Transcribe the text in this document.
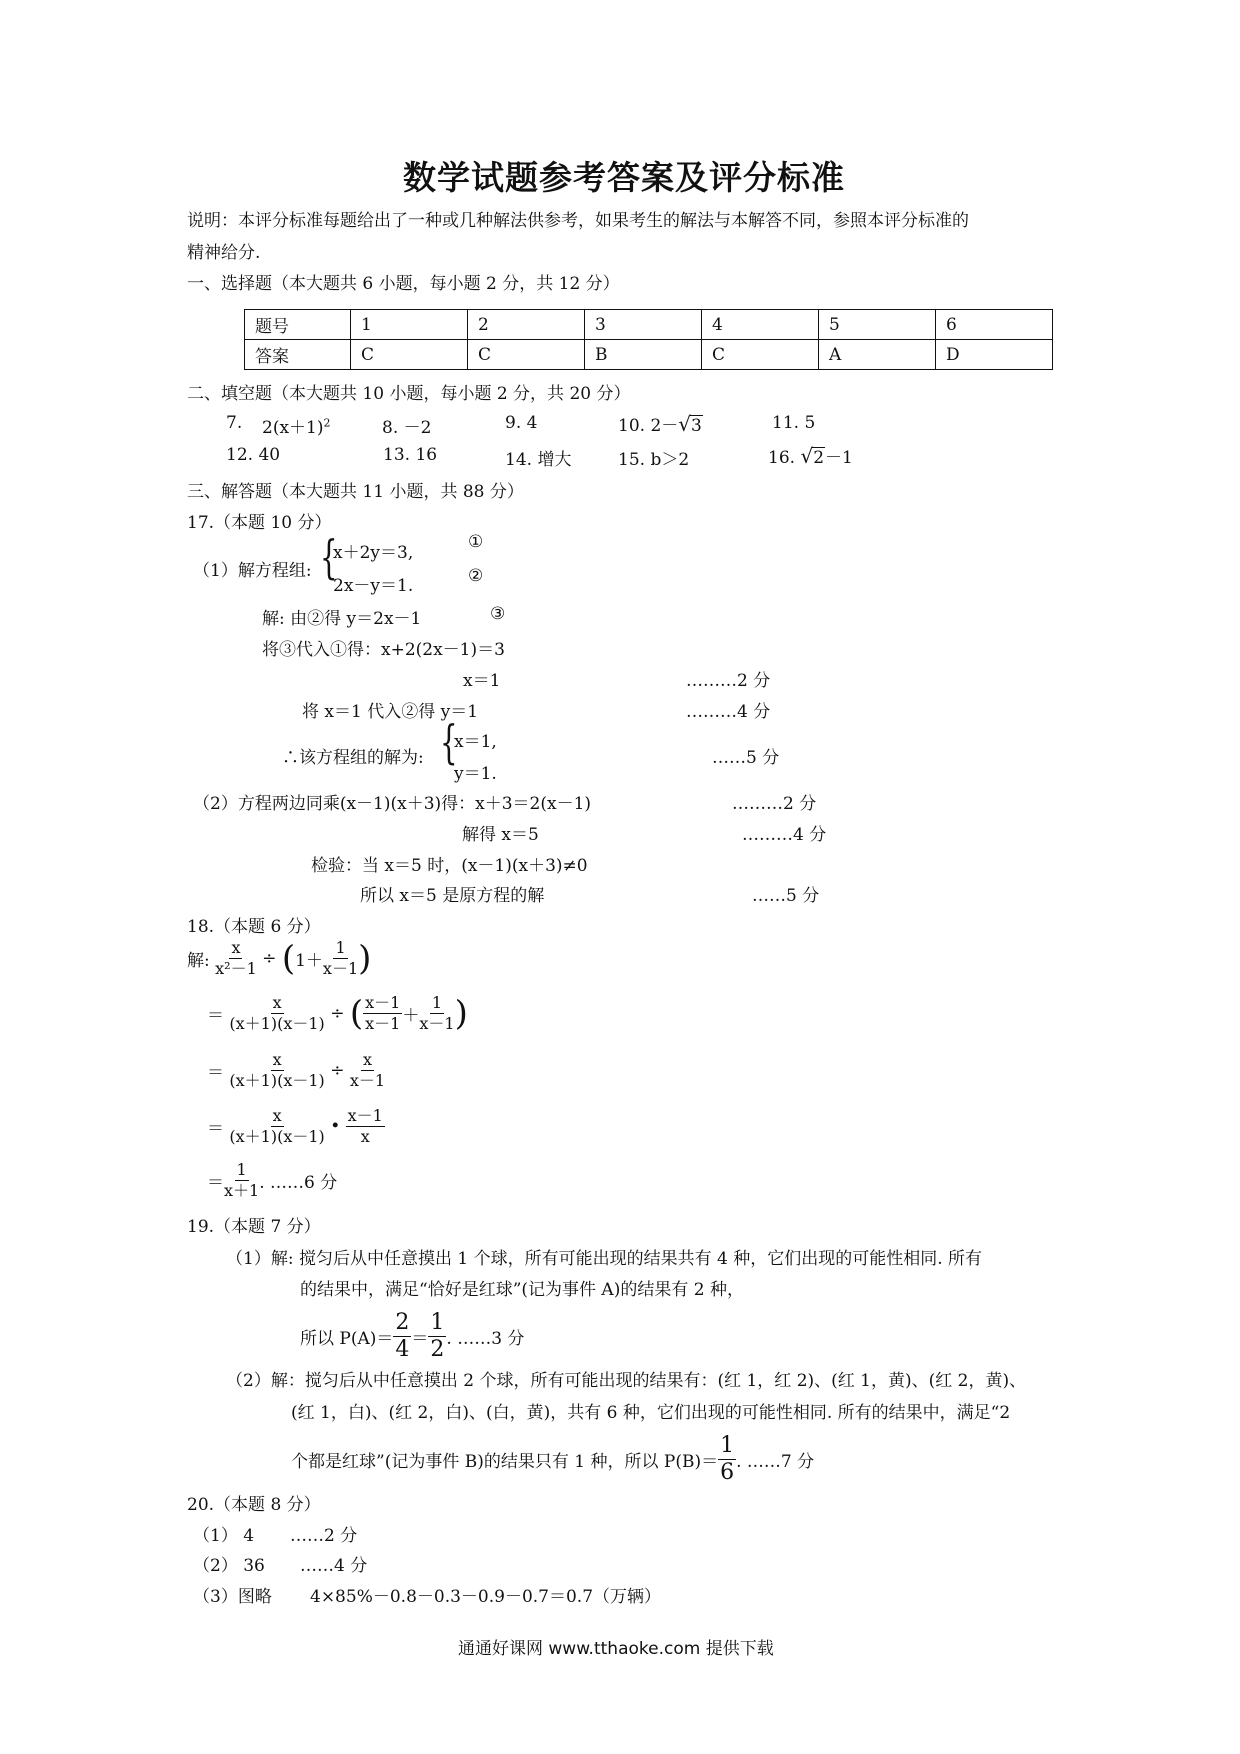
数学试题参考答案及评分标准
说明：本评分标准每题给出了一种或几种解法供参考，如果考生的解法与本解答不同，参照本评分标准的
精神给分.
一、选择题（本大题共 6 小题，每小题 2 分，共 12 分）
题号	1	2	3	4	5	6
答案	C	C	B	C	A	D
二、填空题（本大题共 10 小题，每小题 2 分，共 20 分）
7. $2(x+1)^2$	8. －2	9. 4	10. 2－√3	11. 5
12. 40	13. 16	14. 增大	15. b＞2	16. √2－1
三、解答题（本大题共 11 小题，共 88 分）
17.（本题 10 分）
（1）解方程组: {
x＋2y＝3,
2x－y＝1.
①
②
解: 由②得 y＝2x－1	③
将③代入①得：x+2(2x－1)＝3
x＝1	………2 分
将 x＝1 代入②得 y＝1	………4 分
∴该方程组的解为: {
x＝1,
y＝1.
……5 分
（2）方程两边同乘(x－1)(x＋3)得：x＋3＝2(x－1)	………2 分
解得 x＝5	………4 分
检验：当 x＝5 时，(x－1)(x＋3)≠0
所以 x＝5 是原方程的解	……5 分
18.（本题 6 分）
解: $\frac{x}{\text{x²－1}} \div (1+ \frac{1}{x-1}$ )
＝ $\frac{x}{(x+1)(x-1)}$ ÷ ( $\frac{x-1}{x-1} + \frac{1}{x-1}$ )
＝ $\frac{x}{(x+1)(x-1)} \div \frac{x}{x-1}$
＝ $\frac{x}{(x+1)(x-1)}$ • $\frac{x-1}{x}$
＝ $\frac{1}{x+1}$ . ……6 分
19.（本题 7 分）
（1）解: 搅匀后从中任意摸出 1 个球，所有可能出现的结果共有 4 种，它们出现的可能性相同. 所有
的结果中，满足“恰好是红球”(记为事件 A)的结果有 2 种，
所以 $P(A)= \frac{2}{4} = \frac{1}{2}$ . ……3 分
（2）解：搅匀后从中任意摸出 2 个球，所有可能出现的结果有：(红 1，红 2)、(红 1，黄)、(红 2，黄)、
(红 1，白)、(红 2，白)、(白，黄)，共有 6 种，它们出现的可能性相同. 所有的结果中，满足“2
个都是红球”(记为事件 B)的结果只有 1 种，所以 $P(B)= \frac{1}{6}$ . ……7 分
20.（本题 8 分）
（1） 4 ……2 分
（2） 36 ……4 分
（3）图略 4×85%－0.8－0.3－0.9－0.7＝0.7（万辆）
通通好课网 www.tthaoke.com 提供下载
